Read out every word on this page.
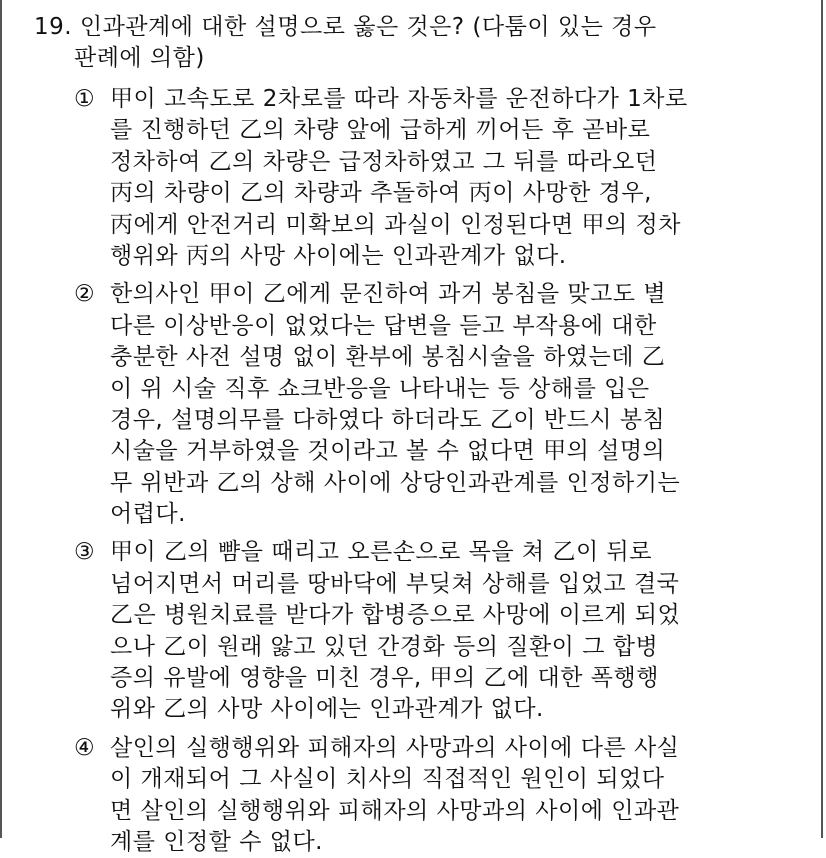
19. 인과관계에 대한 설명으로 옳은 것은? (다툼이 있는 경우
판례에 의함)
① 甲이 고속도로 2차로를 따라 자동차를 운전하다가 1차로
를 진행하던 乙의 차량 앞에 급하게 끼어든 후 곧바로
정차하여 乙의 차량은 급정차하였고 그 뒤를 따라오던
丙의 차량이 乙의 차량과 추돌하여 丙이 사망한 경우,
丙에게 안전거리 미확보의 과실이 인정된다면 甲의 정차
행위와 丙의 사망 사이에는 인과관계가 없다.
② 한의사인 甲이 乙에게 문진하여 과거 봉침을 맞고도 별
다른 이상반응이 없었다는 답변을 듣고 부작용에 대한
충분한 사전 설명 없이 환부에 봉침시술을 하였는데 乙
이 위 시술 직후 쇼크반응을 나타내는 등 상해를 입은
경우, 설명의무를 다하였다 하더라도 乙이 반드시 봉침
시술을 거부하였을 것이라고 볼 수 없다면 甲의 설명의
무 위반과 乙의 상해 사이에 상당인과관계를 인정하기는
어렵다.
③ 甲이 乙의 뺨을 때리고 오른손으로 목을 쳐 乙이 뒤로
넘어지면서 머리를 땅바닥에 부딪쳐 상해를 입었고 결국
乙은 병원치료를 받다가 합병증으로 사망에 이르게 되었
으나 乙이 원래 앓고 있던 간경화 등의 질환이 그 합병
증의 유발에 영향을 미친 경우, 甲의 乙에 대한 폭행행
위와 乙의 사망 사이에는 인과관계가 없다.
④ 살인의 실행행위와 피해자의 사망과의 사이에 다른 사실
이 개재되어 그 사실이 치사의 직접적인 원인이 되었다
면 살인의 실행행위와 피해자의 사망과의 사이에 인과관
계를 인정할 수 없다.
